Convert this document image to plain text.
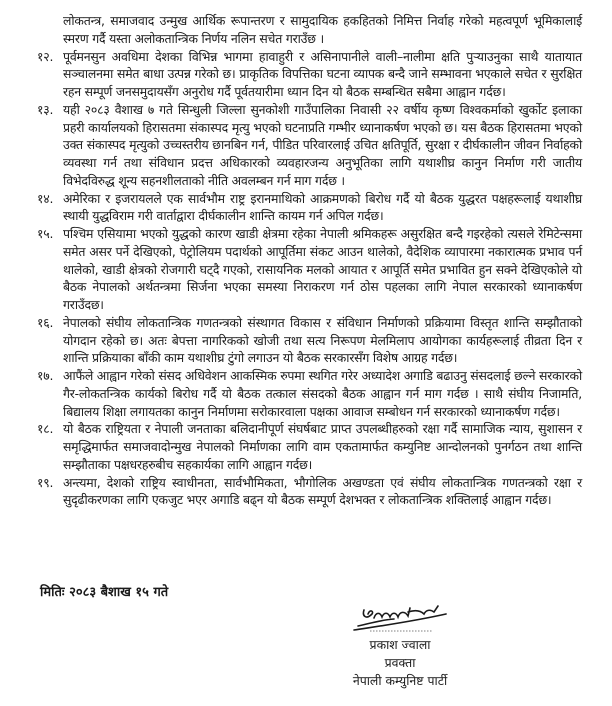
लोकतन्त्र, समाजवाद उन्मुख आर्थिक रूपान्तरण र सामुदायिक हकहितको निमित्त निर्वाह गरेको महत्वपूर्ण भूमिकालाई स्मरण गर्दै यस्ता अलोकतान्त्रिक निर्णय नलिन सचेत गराउँछ ।

१२. पूर्वमनसुन अवधिमा देशका विभिन्न भागमा हावाहुरी र असिनापानीले वाली–नालीमा क्षति पुऱ्याउनुका साथै यातायात सञ्चालनमा समेत बाधा उत्पन्न गरेको छ। प्राकृतिक विपत्तिका घटना व्यापक बन्दै जाने सम्भावना भएकाले सचेत र सुरक्षित रहन सम्पूर्ण जनसमुदायसँग अनुरोध गर्दै पूर्वतयारीमा ध्यान दिन यो बैठक सम्बन्धित सबैमा आह्वान गर्दछ।

१३. यही २०८३ वैशाख ७ गते सिन्धुली जिल्ला सुनकोशी गाउँपालिका निवासी २२ वर्षीय कृष्ण विश्वकर्माको खुर्कोट इलाका प्रहरी कार्यालयको हिरासतमा संकास्पद मृत्यु भएको घटनाप्रति गम्भीर ध्यानाकर्षण भएको छ। यस बैठक हिरासतमा भएको उक्त संकास्पद मृत्युको उच्चस्तरीय छानबिन गर्न, पीडित परिवारलाई उचित क्षतिपूर्ति, सुरक्षा र दीर्घकालीन जीवन निर्वाहको व्यवस्था गर्न तथा संविधान प्रदत्त अधिकारको व्यवहारजन्य अनुभूतिका लागि यथाशीघ्र कानुन निर्माण गरी जातीय विभेदविरुद्ध शून्य सहनशीलताको नीति अवलम्बन गर्न माग गर्दछ ।

१४. अमेरिका र इजरायलले एक सार्वभौम राष्ट्र इरानमाथिको आक्रमणको बिरोध गर्दै यो बैठक युद्धरत पक्षहरूलाई यथाशीघ्र स्थायी युद्धविराम गरी वार्ताद्वारा दीर्घकालीन शान्ति कायम गर्न अपिल गर्दछ।

१५. पश्चिम एसियामा भएको युद्धको कारण खाडी क्षेत्रमा रहेका नेपाली श्रमिकहरू असुरक्षित बन्दै गइरहेको त्यसले रेमिटेन्समा समेत असर पर्ने देखिएको, पेट्रोलियम पदार्थको आपूर्तिमा संकट आउन थालेको, वैदेशिक व्यापारमा नकारात्मक प्रभाव पर्न थालेको, खाडी क्षेत्रको रोजगारी घट्दै गएको, रासायनिक मलको आयात र आपूर्ति समेत प्रभावित हुन सक्ने देखिएकोले यो बैठक नेपालको अर्थतन्त्रमा सिर्जना भएका समस्या निराकरण गर्न ठोस पहलका लागि नेपाल सरकारको ध्यानाकर्षण गराउँदछ।

१६. नेपालको संघीय लोकतान्त्रिक गणतन्त्रको संस्थागत विकास र संविधान निर्माणको प्रक्रियामा विस्तृत शान्ति सम्झौताको योगदान रहेको छ। अतः बेपत्ता नागरिकको खोजी तथा सत्य निरूपण मेलमिलाप आयोगका कार्यहरूलाई तीव्रता दिन र शान्ति प्रक्रियाका बाँकी काम यथाशीघ्र टुंगो लगाउन यो बैठक सरकारसँग विशेष आग्रह गर्दछ।

१७. आफैंले आह्वान गरेको संसद अधिवेशन आकस्मिक रुपमा स्थगित गरेर अध्यादेश अगाडि बढाउनु संसदलाई छल्ने सरकारको गैर-लोकतन्त्रिक कार्यको बिरोध गर्दै यो बैठक तत्काल संसदको बैठक आह्वान गर्न माग गर्दछ । साथै संघीय निजामति, बिद्यालय शिक्षा लगायतका कानुन निर्माणमा सरोकारवाला पक्षका आवाज सम्बोधन गर्न सरकारको ध्यानाकर्षण गर्दछ।

१८. यो बैठक राष्ट्रियता र नेपाली जनताका बलिदानीपूर्ण संघर्षबाट प्राप्त उपलब्धीहरुको रक्षा गर्दै सामाजिक न्याय, सुशासन र समृद्धिमार्फत समाजवादोन्मुख नेपालको निर्माणका लागि वाम एकतामार्फत कम्युनिष्ट आन्दोलनको पुनर्गठन तथा शान्ति सम्झौताका पक्षधरहरुबीच सहकार्यका लागि आह्वान गर्दछ।

१९. अन्त्यमा, देशको राष्ट्रिय स्वाधीनता, सार्वभौमिकता, भौगोलिक अखण्डता एवं संघीय लोकतान्त्रिक गणतन्त्रको रक्षा र सुदृढीकरणका लागि एकजुट भएर अगाडि बढ्न यो बैठक सम्पूर्ण देशभक्त र लोकतान्त्रिक शक्तिलाई आह्वान गर्दछ।

मितिः २०८३ बैशाख १५ गते
प्रकाश ज्वाला
प्रवक्ता
नेपाली कम्युनिष्ट पार्टी
